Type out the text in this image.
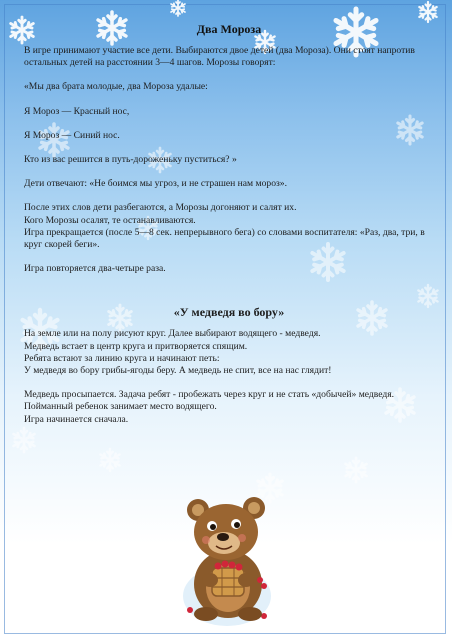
Два Мороза

В игре принимают участие все дети. Выбираются двое детей (два Мороза). Они стоят напротив остальных детей на расстоянии 3—4 шагов. Морозы говорят:

«Мы два брата молодые, два Мороза удалые:

Я Мороз — Красный нос,

Я Мороз — Синий нос.

Кто из вас решится в путь-дороженьку пуститься? »

Дети отвечают: «Не боимся мы угроз, и не страшен нам мороз».

После этих слов дети разбегаются, а Морозы догоняют и салят их.

Кого Морозы осалят, те останавливаются.

Игра прекращается (после 5—8 сек. непрерывного бега) со словами воспитателя: «Раз, два, три, в круг скорей беги».

Игра повторяется два-четыре раза.

«У медведя во бору»

На земле или на полу рисуют круг. Далее выбирают водящего - медведя.

Медведь встает в центр круга и притворяется спящим.

Ребята встают за линию круга и начинают петь:

У медведя во бору грибы-ягоды беру. А медведь не спит, все на нас глядит!

Медведь просыпается. Задача ребят - пробежать через круг и не стать «добычей» медведя. Пойманный ребенок занимает место водящего.

Игра начинается сначала.
